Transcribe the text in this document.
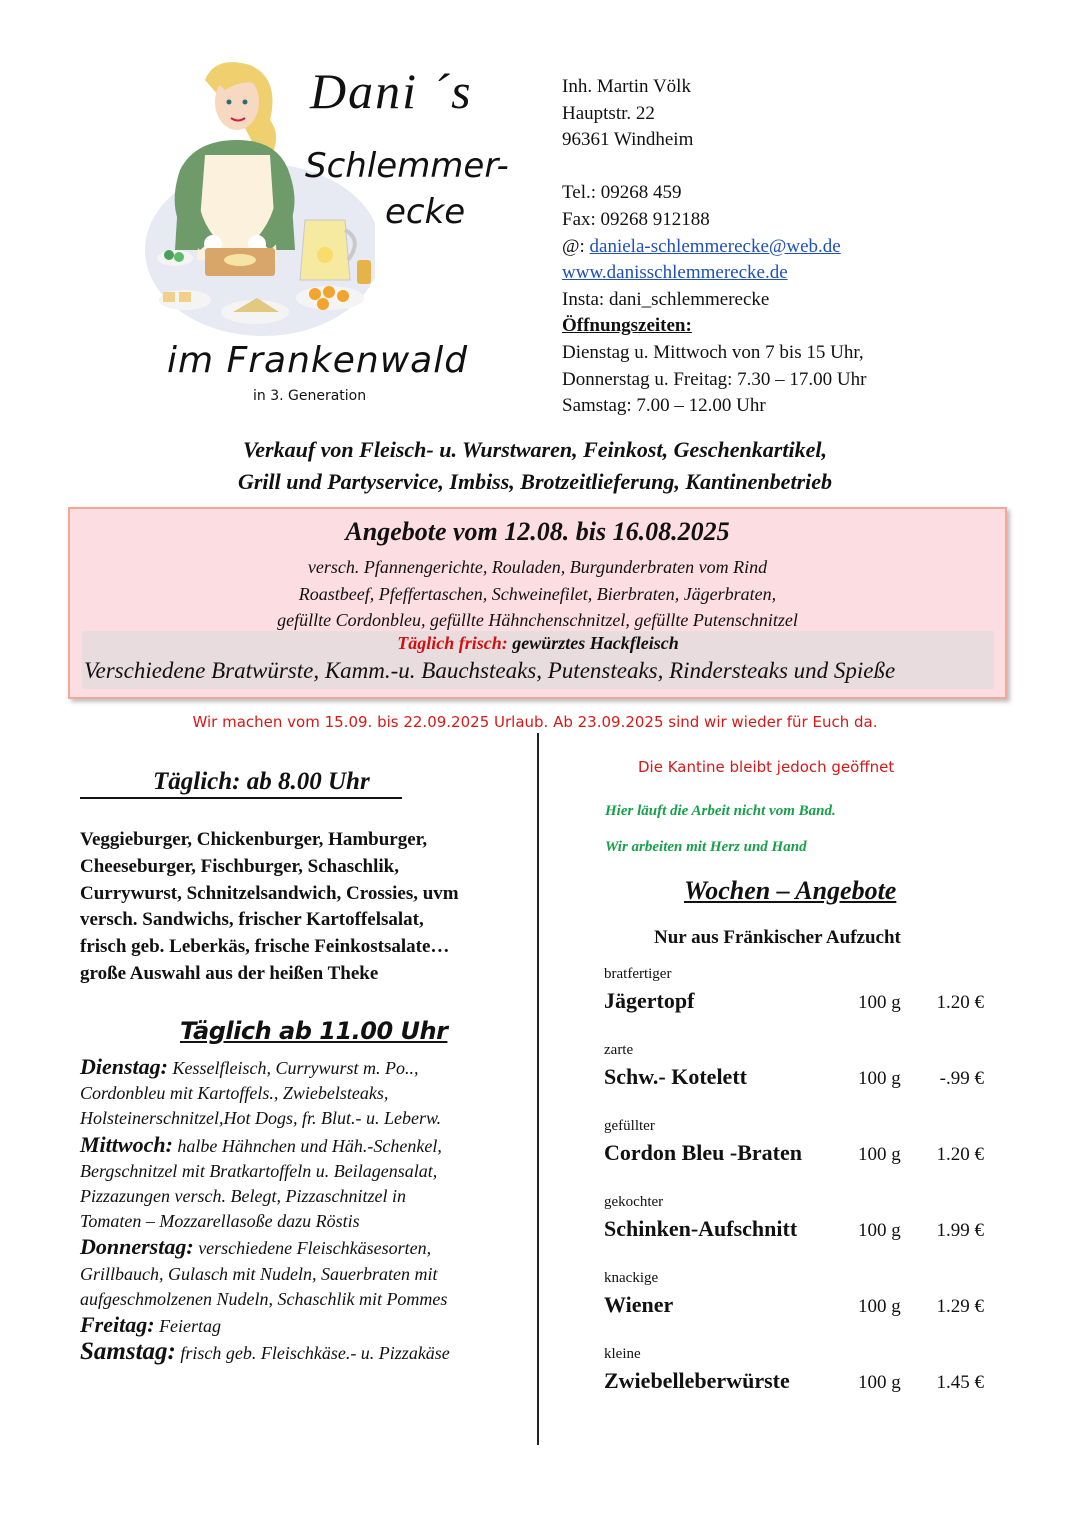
Dani ´s
Schlemmer-
ecke
im Frankenwald
in 3. Generation
Inh. Martin Völk
Hauptstr. 22
96361 Windheim
Tel.: 09268 459
Fax: 09268 912188
@: daniela-schlemmerecke@web.de
www.danisschlemmerecke.de
Insta: dani_schlemmerecke
Öffnungszeiten:
Dienstag u. Mittwoch von 7 bis 15 Uhr,
Donnerstag u. Freitag: 7.30 – 17.00 Uhr
Samstag: 7.00 – 12.00 Uhr
Verkauf von Fleisch- u. Wurstwaren, Feinkost, Geschenkartikel,
Grill und Partyservice, Imbiss, Brotzeitlieferung, Kantinenbetrieb
Angebote vom 12.08. bis 16.08.2025
versch. Pfannengerichte, Rouladen, Burgunderbraten vom Rind
Roastbeef, Pfeffertaschen, Schweinefilet, Bierbraten, Jägerbraten,
gefüllte Cordonbleu, gefüllte Hähnchenschnitzel, gefüllte Putenschnitzel
Täglich frisch: gewürztes Hackfleisch
Verschiedene Bratwürste, Kamm.-u. Bauchsteaks, Putensteaks, Rindersteaks und Spieße
Wir machen vom 15.09. bis 22.09.2025 Urlaub. Ab 23.09.2025 sind wir wieder für Euch da.
Täglich: ab 8.00 Uhr
Veggieburger, Chickenburger, Hamburger,
Cheeseburger, Fischburger, Schaschlik,
Currywurst, Schnitzelsandwich, Crossies, uvm
versch. Sandwichs, frischer Kartoffelsalat,
frisch geb. Leberkäs, frische Feinkostsalate…
große Auswahl aus der heißen Theke
Täglich ab 11.00 Uhr
Dienstag: Kesselfleisch, Currywurst m. Po..,
Cordonbleu mit Kartoffels., Zwiebelsteaks,
Holsteinerschnitzel,Hot Dogs, fr. Blut.- u. Leberw.
Mittwoch: halbe Hähnchen und Häh.-Schenkel,
Bergschnitzel mit Bratkartoffeln u. Beilagensalat,
Pizzazungen versch. Belegt, Pizzaschnitzel in
Tomaten – Mozzarellasoße dazu Röstis
Donnerstag: verschiedene Fleischkäsesorten,
Grillbauch, Gulasch mit Nudeln, Sauerbraten mit
aufgeschmolzenen Nudeln, Schaschlik mit Pommes
Freitag: Feiertag
Samstag: frisch geb. Fleischkäse.- u. Pizzakäse
Die Kantine bleibt jedoch geöffnet
Hier läuft die Arbeit nicht vom Band.
Wir arbeiten mit Herz und Hand
Wochen – Angebote
Nur aus Fränkischer Aufzucht
bratfertiger
Jägertopf	100 g	1.20 €
zarte
Schw.- Kotelett	100 g	-.99 €
gefüllter
Cordon Bleu -Braten	100 g	1.20 €
gekochter
Schinken-Aufschnitt	100 g	1.99 €
knackige
Wiener	100 g	1.29 €
kleine
Zwiebelleberwürste	100 g	1.45 €
